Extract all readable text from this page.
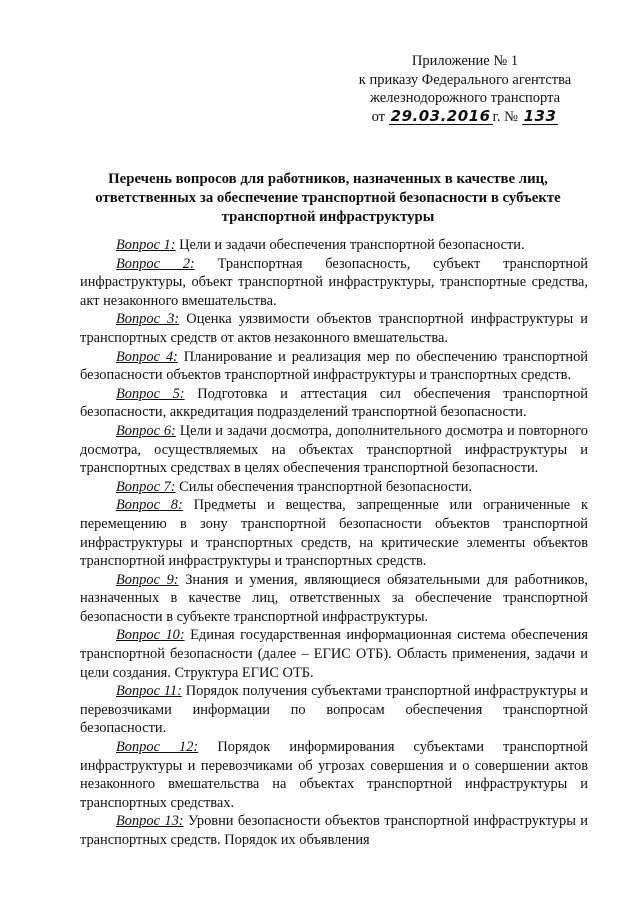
Приложение № 1
к приказу Федерального агентства
железнодорожного транспорта
от 29.03.2016 г. № 133
Перечень вопросов для работников, назначенных в качестве лиц,
ответственных за обеспечение транспортной безопасности в субъекте
транспортной инфраструктуры

Вопрос 1: Цели и задачи обеспечения транспортной безопасности.

Вопрос 2: Транспортная безопасность, субъект транспортной инфраструктуры, объект транспортной инфраструктуры, транспортные средства, акт незаконного вмешательства.

Вопрос 3: Оценка уязвимости объектов транспортной инфраструктуры и транспортных средств от актов незаконного вмешательства.

Вопрос 4: Планирование и реализация мер по обеспечению транспортной безопасности объектов транспортной инфраструктуры и транспортных средств.

Вопрос 5: Подготовка и аттестация сил обеспечения транспортной безопасности, аккредитация подразделений транспортной безопасности.

Вопрос 6: Цели и задачи досмотра, дополнительного досмотра и повторного досмотра, осуществляемых на объектах транспортной инфраструктуры и транспортных средствах в целях обеспечения транспортной безопасности.

Вопрос 7: Силы обеспечения транспортной безопасности.

Вопрос 8: Предметы и вещества, запрещенные или ограниченные к перемещению в зону транспортной безопасности объектов транспортной инфраструктуры и транспортных средств, на критические элементы объектов транспортной инфраструктуры и транспортных средств.

Вопрос 9: Знания и умения, являющиеся обязательными для работников, назначенных в качестве лиц, ответственных за обеспечение транспортной безопасности в субъекте транспортной инфраструктуры.

Вопрос 10: Единая государственная информационная система обеспечения транспортной безопасности (далее – ЕГИС ОТБ). Область применения, задачи и цели создания. Структура ЕГИС ОТБ.

Вопрос 11: Порядок получения субъектами транспортной инфраструктуры и перевозчиками информации по вопросам обеспечения транспортной безопасности.

Вопрос 12: Порядок информирования субъектами транспортной инфраструктуры и перевозчиками об угрозах совершения и о совершении актов незаконного вмешательства на объектах транспортной инфраструктуры и транспортных средствах.

Вопрос 13: Уровни безопасности объектов транспортной инфраструктуры и транспортных средств. Порядок их объявления
